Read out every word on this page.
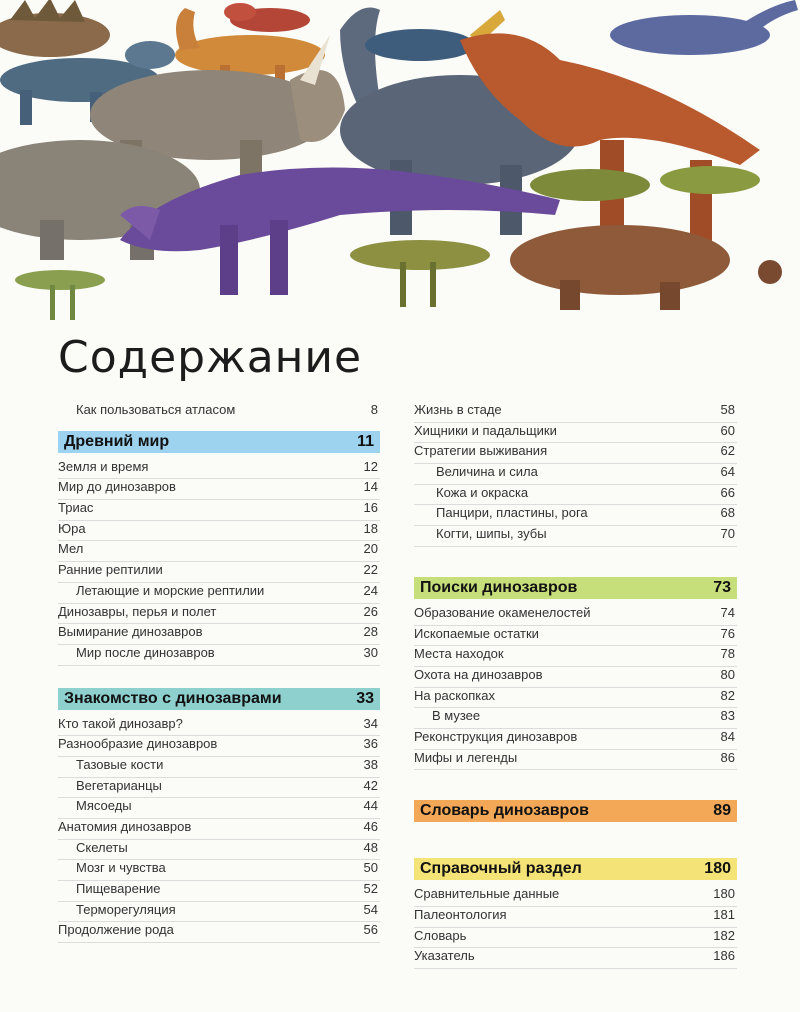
Содержание
Как пользоваться атласом	8
Древний мир	11
Земля и время	12
Мир до динозавров	14
Триас	16
Юра	18
Мел	20
Ранние рептилии	22
Летающие и морские рептилии	24
Динозавры, перья и полет	26
Вымирание динозавров	28
Мир после динозавров	30
Знакомство с динозаврами	33
Кто такой динозавр?	34
Разнообразие динозавров	36
Тазовые кости	38
Вегетарианцы	42
Мясоеды	44
Анатомия динозавров	46
Скелеты	48
Мозг и чувства	50
Пищеварение	52
Терморегуляция	54
Продолжение рода	56
Жизнь в стаде	58
Хищники и падальщики	60
Стратегии выживания	62
Величина и сила	64
Кожа и окраска	66
Панцири, пластины, рога	68
Когти, шипы, зубы	70
Поиски динозавров	73
Образование окаменелостей	74
Ископаемые остатки	76
Места находок	78
Охота на динозавров	80
На раскопках	82
В музее	83
Реконструкция динозавров	84
Мифы и легенды	86
Словарь динозавров	89
Справочный раздел	180
Сравнительные данные	180
Палеонтология	181
Словарь	182
Указатель	186
